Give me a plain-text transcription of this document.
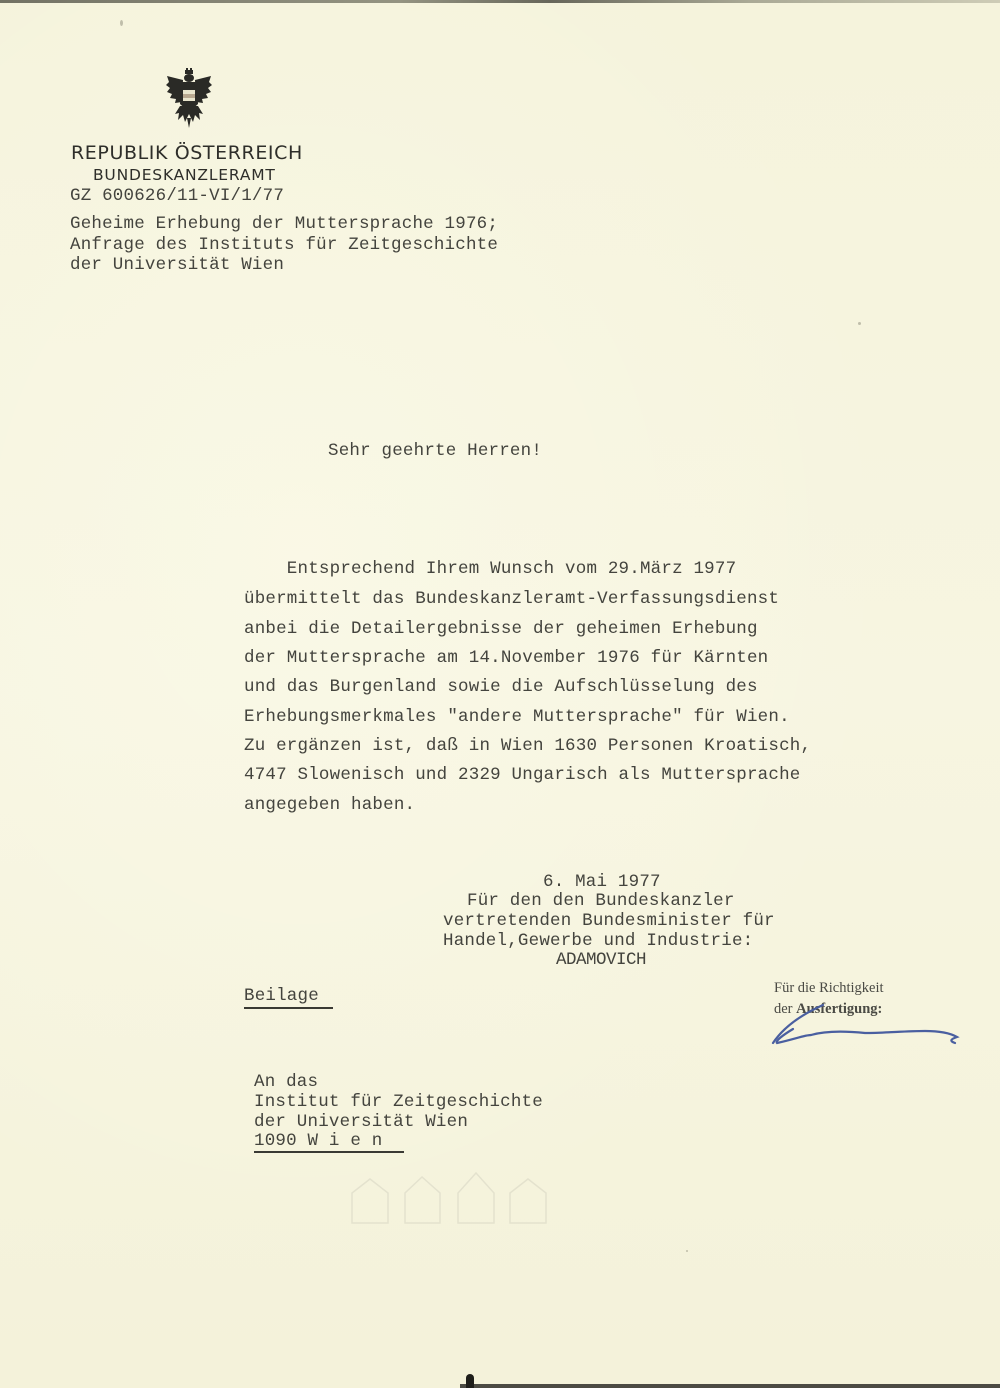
REPUBLIK ÖSTERREICH
BUNDESKANZLERAMT
GZ 600626/11-VI/1/77
Geheime Erhebung der Muttersprache 1976;
Anfrage des Instituts für Zeitgeschichte
der Universität Wien
Sehr geehrte Herren!
Entsprechend Ihrem Wunsch vom 29.März 1977
übermittelt das Bundeskanzleramt-Verfassungsdienst
anbei die Detailergebnisse der geheimen Erhebung
der Muttersprache am 14.November 1976 für Kärnten
und das Burgenland sowie die Aufschlüsselung des
Erhebungsmerkmales "andere Muttersprache" für Wien.
Zu ergänzen ist, daß in Wien 1630 Personen Kroatisch,
4747 Slowenisch und 2329 Ungarisch als Muttersprache
angegeben haben.
6. Mai 1977
Für den den Bundeskanzler
vertretenden Bundesminister für
Handel,Gewerbe und Industrie:
ADAMOVICH
Beilage	Für die Richtigkeit
der Ausfertigung:
An das
Institut für Zeitgeschichte
der Universität Wien
1090 W i e n
